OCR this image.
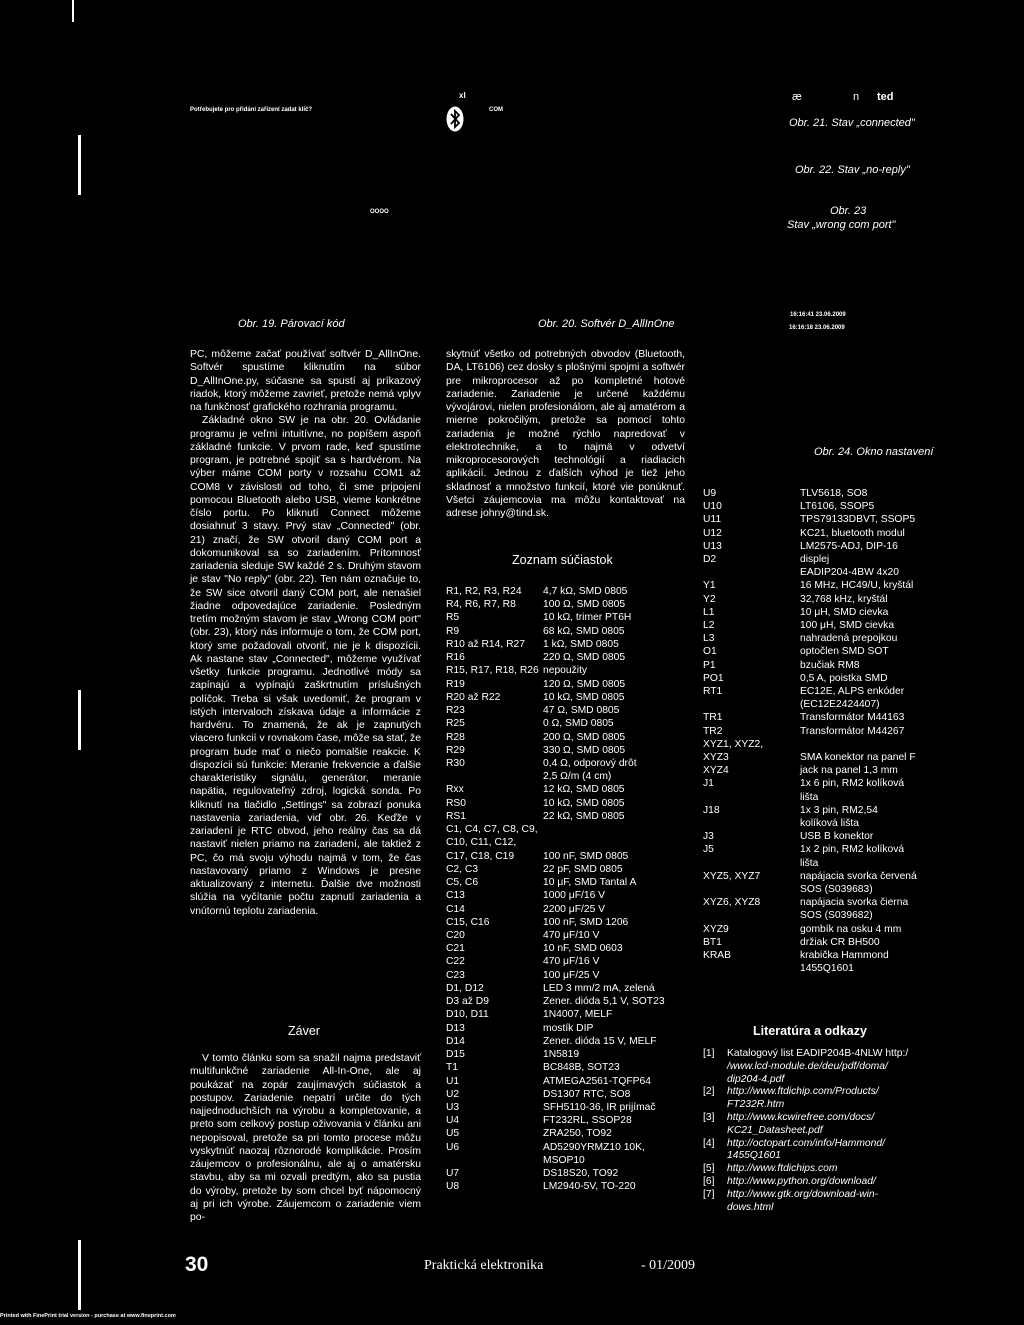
Potřebujete pro přidání zařízení zadat klíč?
xl
COM
æ	n ted
OOOO
16:16:41 23.06.2009
16:16:18 23.06.2009
Obr. 21. Stav „connected"
Obr. 22. Stav „no-reply"
Obr. 23
Stav „wrong com port"
Obr. 19. Párovací kód	Obr. 20. Softvér D_AllInOne
Obr. 24. Okno nastavení

PC, môžeme začať používať softvér D_AllInOne. Softvér spustíme kliknutím na súbor D_AllInOne.py, súčasne sa spustí aj príkazový riadok, ktorý môžeme zavrieť, pretože nemá vplyv na funkčnosť grafického rozhrania programu.

Základné okno SW je na obr. 20. Ovládanie programu je veľmi intuitívne, no popíšem aspoň základné funkcie. V prvom rade, keď spustíme program, je potrebné spojiť sa s hardvérom. Na výber máme COM porty v rozsahu COM1 až COM8 v závislosti od toho, či sme pripojení pomocou Bluetooth alebo USB, vieme konkrétne číslo portu. Po kliknutí Connect môžeme dosiahnuť 3 stavy. Prvý stav „Connected" (obr. 21) značí, že SW otvoril daný COM port a dokomunikoval sa so zariadením. Prítomnosť zariadenia sleduje SW každé 2 s. Druhým stavom je stav "No reply" (obr. 22). Ten nám označuje to, že SW sice otvoril daný COM port, ale nenašiel žiadne odpovedajúce zariadenie. Posledným tretím možným stavom je stav „Wrong COM port" (obr. 23), ktorý nás informuje o tom, že COM port, ktorý sme požadovali otvoriť, nie je k dispozícii. Ak nastane stav „Connected", môžeme využívať všetky funkcie programu. Jednotlivé módy sa zapínajú a vypínajú zaškrtnutím príslušných políčok. Treba si však uvedomiť, že program v istých intervaloch získava údaje a informácie z hardvéru. To znamená, že ak je zapnutých viacero funkcií v rovnakom čase, môže sa stať, že program bude mať o niečo pomalšie reakcie. K dispozícii sú funkcie: Meranie frekvencie a ďalšie charakteristiky signálu, generátor, meranie napätia, regulovateľný zdroj, logická sonda. Po kliknutí na tlačidlo „Settings" sa zobrazí ponuka nastavenia zariadenia, viď obr. 26. Keďže v zariadení je RTC obvod, jeho reálny čas sa dá nastaviť nielen priamo na zariadení, ale taktiež z PC, čo má svoju výhodu najmä v tom, že čas nastavovaný priamo z Windows je presne aktualizovaný z internetu. Ďalšie dve možnosti slúžia na vyčítanie počtu zapnutí zariadenia a vnútornú teplotu zariadenia.

Záver

V tomto článku som sa snažil najma predstaviť multifunkčné zariadenie All-In-One, ale aj poukázať na zopár zaujímavých súčiastok a postupov. Zariadenie nepatrí určite do tých najjednoduchších na výrobu a kompletovanie, a preto som celkový postup oživovania v článku ani nepopisoval, pretože sa pri tomto procese môžu vyskytnúť naozaj rôznorodé komplikácie. Prosím záujemcov o profesionálnu, ale aj o amatérsku stavbu, aby sa mi ozvali predtým, ako sa pustia do výroby, pretože by som chcel byť nápomocný aj pri ich výrobe. Záujemcom o zariadenie viem po-

skytnúť všetko od potrebných obvodov (Bluetooth, DA, LT6106) cez dosky s plošnými spojmi a softwér pre mikroprocesor až po kompletné hotové zariadenie. Zariadenie je určené každému vývojárovi, nielen profesionálom, ale aj amatérom a mierne pokročilým, pretože sa pomocí tohto zariadenia je možné rýchlo napredovať v elektrotechnike, a to najmä v odvetví mikroprocesorových technológií a riadiacich aplikácií. Jednou z ďalších výhod je tiež jeho skladnosť a množstvo funkcií, ktoré vie ponúknuť. Všetci záujemcovia ma môžu kontaktovať na adrese johny@tind.sk.

Zoznam súčiastok
R1, R2, R3, R24 4,7 kΩ, SMD 0805
R4, R6, R7, R8	100 Ω, SMD 0805
R5	10 kΩ, trimer PT6H
R9	68 kΩ, SMD 0805
R10 až R14, R27 1 kΩ, SMD 0805
R16	220 Ω, SMD 0805
R15, R17, R18, R26 nepoužity
R19	120 Ω, SMD 0805
R20 až R22	10 kΩ, SMD 0805
R23	47 Ω, SMD 0805
R25	0 Ω, SMD 0805
R28	200 Ω, SMD 0805
R29	330 Ω, SMD 0805
R30	0,4 Ω, odporový drôt
2,5 Ω/m (4 cm)
Rxx	12 kΩ, SMD 0805
RS0	10 kΩ, SMD 0805
RS1	22 kΩ, SMD 0805
C1, C4, C7, C8, C9,
C10, C11, C12,
C17, C18, C19	100 nF, SMD 0805
C2, C3	22 pF, SMD 0805
C5, C6	10 μF, SMD Tantal A
C13	1000 μF/16 V
C14	2200 μF/25 V
C15, C16	100 nF, SMD 1206
C20	470 μF/10 V
C21	10 nF, SMD 0603
C22	470 μF/16 V
C23	100 μF/25 V
D1, D12	LED 3 mm/2 mA, zelená
D3 až D9	Zener. dióda 5,1 V, SOT23
D10, D11	1N4007, MELF
D13	mostík DIP
D14	Zener. dióda 15 V, MELF
D15	1N5819
T1	BC848B, SOT23
U1	ATMEGA2561-TQFP64
U2	DS1307 RTC, SO8
U3	SFH5110-36, IR prijímač
U4	FT232RL, SSOP28
U5	ZRA250, TO92
U6	AD5290YRMZ10 10K,
MSOP10
U7	DS18S20, TO92
U8	LM2940-5V, TO-220
U9	TLV5618, SO8
U10	LT6106, SSOP5
U11	TPS79133DBVT, SSOP5
U12	KC21, bluetooth modul
U13	LM2575-ADJ, DIP-16
D2	displej
EADIP204-4BW 4x20
Y1	16 MHz, HC49/U, kryštál
Y2	32,768 kHz, kryštál
L1	10 μH, SMD cievka
L2	100 μH, SMD cievka
L3	nahradená prepojkou
O1	optočlen SMD SOT
P1	bzučiak RM8
PO1	0,5 A, poistka SMD
RT1	EC12E, ALPS enkóder
(EC12E2424407)
TR1	Transformátor M44163
TR2	Transformátor M44267
XYZ1, XYZ2,
XYZ3	SMA konektor na panel F
XYZ4	jack na panel 1,3 mm
J1	1x 6 pin, RM2 kolíková
lišta
J18	1x 3 pin, RM2,54
kolíková lišta
J3	USB B konektor
J5	1x 2 pin, RM2 kolíková
lišta
XYZ5, XYZ7	napájacia svorka červená
SOS (S039683)
XYZ6, XYZ8	napájacia svorka čierna
SOS (S039682)
XYZ9	gombík na osku 4 mm
BT1	držiak CR BH500
KRAB	krabička Hammond
1455Q1601
Literatúra a odkazy
[1] Katalogový list EADIP204B-4NLW http:/
/www.lcd-module.de/deu/pdf/doma/
dip204-4.pdf
[2] http://www.ftdichip.com/Products/
FT232R.htm
[3] http://www.kcwirefree.com/docs/
KC21_Datasheet.pdf
[4] http://octopart.com/info/Hammond/
1455Q1601
[5] http://www.ftdichips.com
[6] http://www.python.org/download/
[7] http://www.gtk.org/download-win-
dows.html
30	Praktická elektronika	- 01/2009
Printed with FinePrint trial version - purchase at www.fineprint.com
